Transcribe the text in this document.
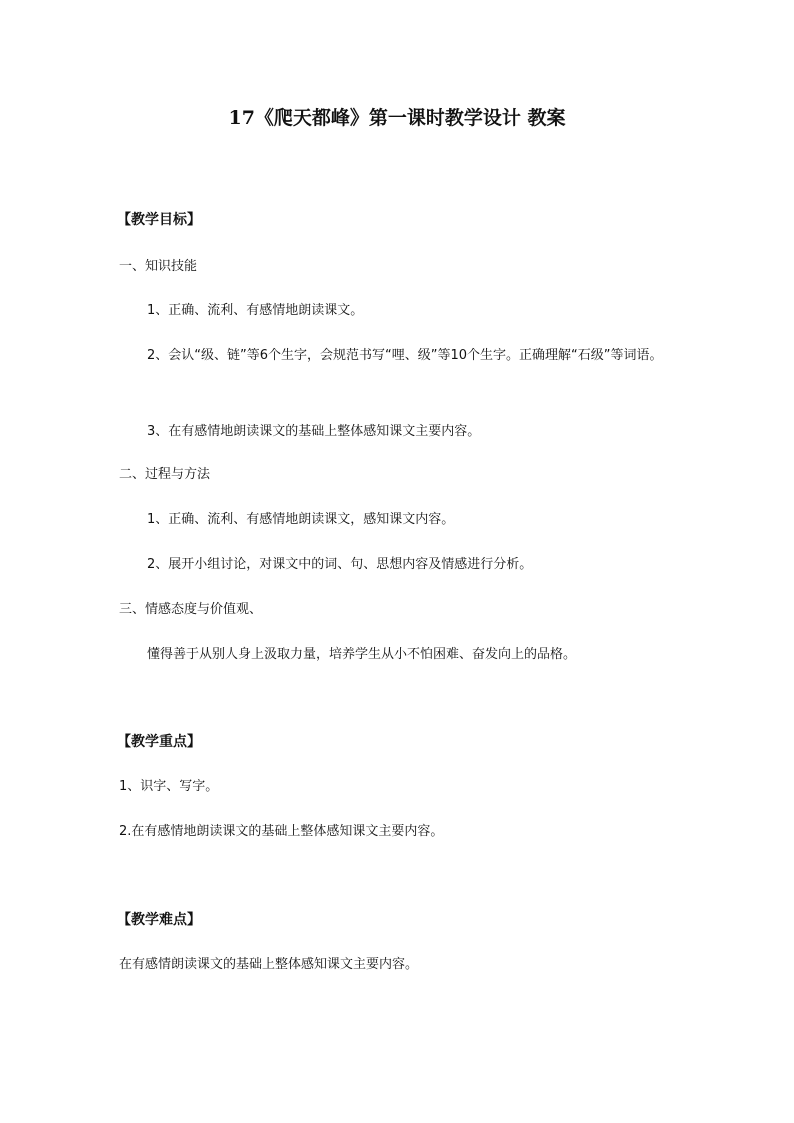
17《爬天都峰》第一课时教学设计 教案
【教学目标】
一、知识技能
1、正确、流利、有感情地朗读课文。
2、会认“级、链”等6个生字，会规范书写“哩、级”等10个生字。正确理解“石级”等词语。
3、在有感情地朗读课文的基础上整体感知课文主要内容。
二、过程与方法
1、正确、流利、有感情地朗读课文，感知课文内容。
2、展开小组讨论，对课文中的词、句、思想内容及情感进行分析。
三、情感态度与价值观、
懂得善于从别人身上汲取力量，培养学生从小不怕困难、奋发向上的品格。
【教学重点】
1、识字、写字。
2.在有感情地朗读课文的基础上整体感知课文主要内容。
【教学难点】
在有感情朗读课文的基础上整体感知课文主要内容。
